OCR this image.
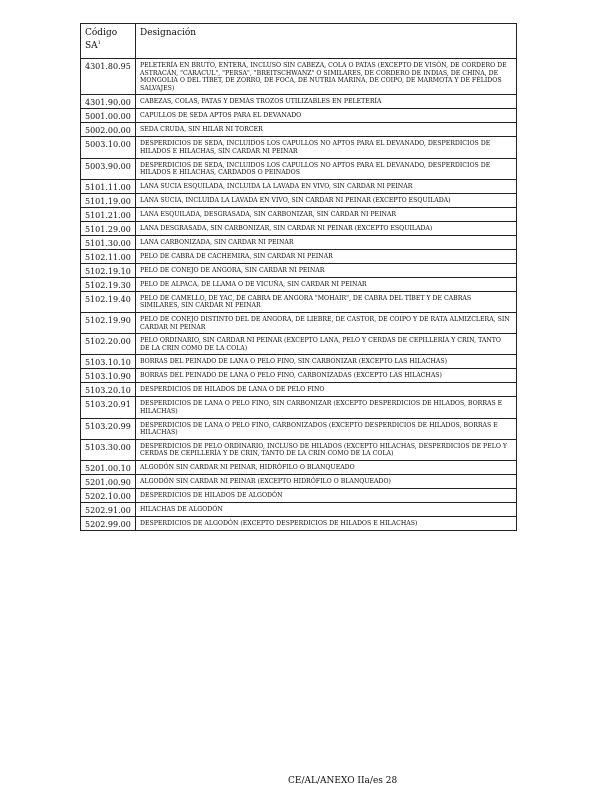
Código $SA^1$	Designación
4301.80.95	PELETERÍA EN BRUTO, ENTERA, INCLUSO SIN CABEZA, COLA O PATAS (EXCEPTO DE VISÓN, DE CORDERO DE ASTRACÁN, "CARACUL", "PERSA", "BREITSCHWANZ" O SIMILARES, DE CORDERO DE INDIAS, DE CHINA, DE MONGOLIA O DEL TÍBET, DE ZORRO, DE FOCA, DE NUTRIA MARINA, DE COIPO, DE MARMOTA Y DE FÉLIDOS SALVAJES)
4301.90.00	CABEZAS, COLAS, PATAS Y DEMÁS TROZOS UTILIZABLES EN PELETERÍA
5001.00.00	CAPULLOS DE SEDA APTOS PARA EL DEVANADO
5002.00.00	SEDA CRUDA, SIN HILAR NI TORCER
5003.10.00	DESPERDICIOS DE SEDA, INCLUIDOS LOS CAPULLOS NO APTOS PARA EL DEVANADO, DESPERDICIOS DE HILADOS E HILACHAS, SIN CARDAR NI PEINAR
5003.90.00	DESPERDICIOS DE SEDA, INCLUIDOS LOS CAPULLOS NO APTOS PARA EL DEVANADO, DESPERDICIOS DE HILADOS E HILACHAS, CARDADOS O PEINADOS
5101.11.00	LANA SUCIA ESQUILADA, INCLUIDA LA LAVADA EN VIVO, SIN CARDAR NI PEINAR
5101.19.00	LANA SUCIA, INCLUIDA LA LAVADA EN VIVO, SIN CARDAR NI PEINAR (EXCEPTO ESQUILADA)
5101.21.00	LANA ESQUILADA, DESGRASADA, SIN CARBONIZAR, SIN CARDAR NI PEINAR
5101.29.00	LANA DESGRASADA, SIN CARBONIZAR, SIN CARDAR NI PEINAR (EXCEPTO ESQUILADA)
5101.30.00	LANA CARBONIZADA, SIN CARDAR NI PEINAR
5102.11.00	PELO DE CABRA DE CACHEMIRA, SIN CARDAR NI PEINAR
5102.19.10	PELO DE CONEJO DE ANGORA, SIN CARDAR NI PEINAR
5102.19.30	PELO DE ALPACA, DE LLAMA O DE VICUÑA, SIN CARDAR NI PEINAR
5102.19.40	PELO DE CAMELLO, DE YAC, DE CABRA DE ANGORA "MOHAIR", DE CABRA DEL TÍBET Y DE CABRAS SIMILARES, SIN CARDAR NI PEINAR
5102.19.90	PELO DE CONEJO DISTINTO DEL DE ANGORA, DE LIEBRE, DE CASTOR, DE COIPO Y DE RATA ALMIZCLERA, SIN CARDAR NI PEINAR
5102.20.00	PELO ORDINARIO, SIN CARDAR NI PEINAR (EXCEPTO LANA, PELO Y CERDAS DE CEPILLERÍA Y CRIN, TANTO DE LA CRIN COMO DE LA COLA)
5103.10.10	BORRAS DEL PEINADO DE LANA O PELO FINO, SIN CARBONIZAR (EXCEPTO LAS HILACHAS)
5103.10.90	BORRAS DEL PEINADO DE LANA O PELO FINO, CARBONIZADAS (EXCEPTO LAS HILACHAS)
5103.20.10	DESPERDICIOS DE HILADOS DE LANA O DE PELO FINO
5103.20.91	DESPERDICIOS DE LANA O PELO FINO, SIN CARBONIZAR (EXCEPTO DESPERDICIOS DE HILADOS, BORRAS E HILACHAS)
5103.20.99	DESPERDICIOS DE LANA O PELO FINO, CARBONIZADOS (EXCEPTO DESPERDICIOS DE HILADOS, BORRAS E HILACHAS)
5103.30.00	DESPERDICIOS DE PELO ORDINARIO, INCLUSO DE HILADOS (EXCEPTO HILACHAS, DESPERDICIOS DE PELO Y CERDAS DE CEPILLERÍA Y DE CRIN, TANTO DE LA CRIN COMO DE LA COLA)
5201.00.10	ALGODÓN SIN CARDAR NI PEINAR, HIDRÓFILO O BLANQUEADO
5201.00.90	ALGODÓN SIN CARDAR NI PEINAR (EXCEPTO HIDRÓFILO O BLANQUEADO)
5202.10.00	DESPERDICIOS DE HILADOS DE ALGODÓN
5202.91.00	HILACHAS DE ALGODÓN
5202.99.00	DESPERDICIOS DE ALGODÓN (EXCEPTO DESPERDICIOS DE HILADOS E HILACHAS)
CE/AL/ANEXO IIa/es 28
